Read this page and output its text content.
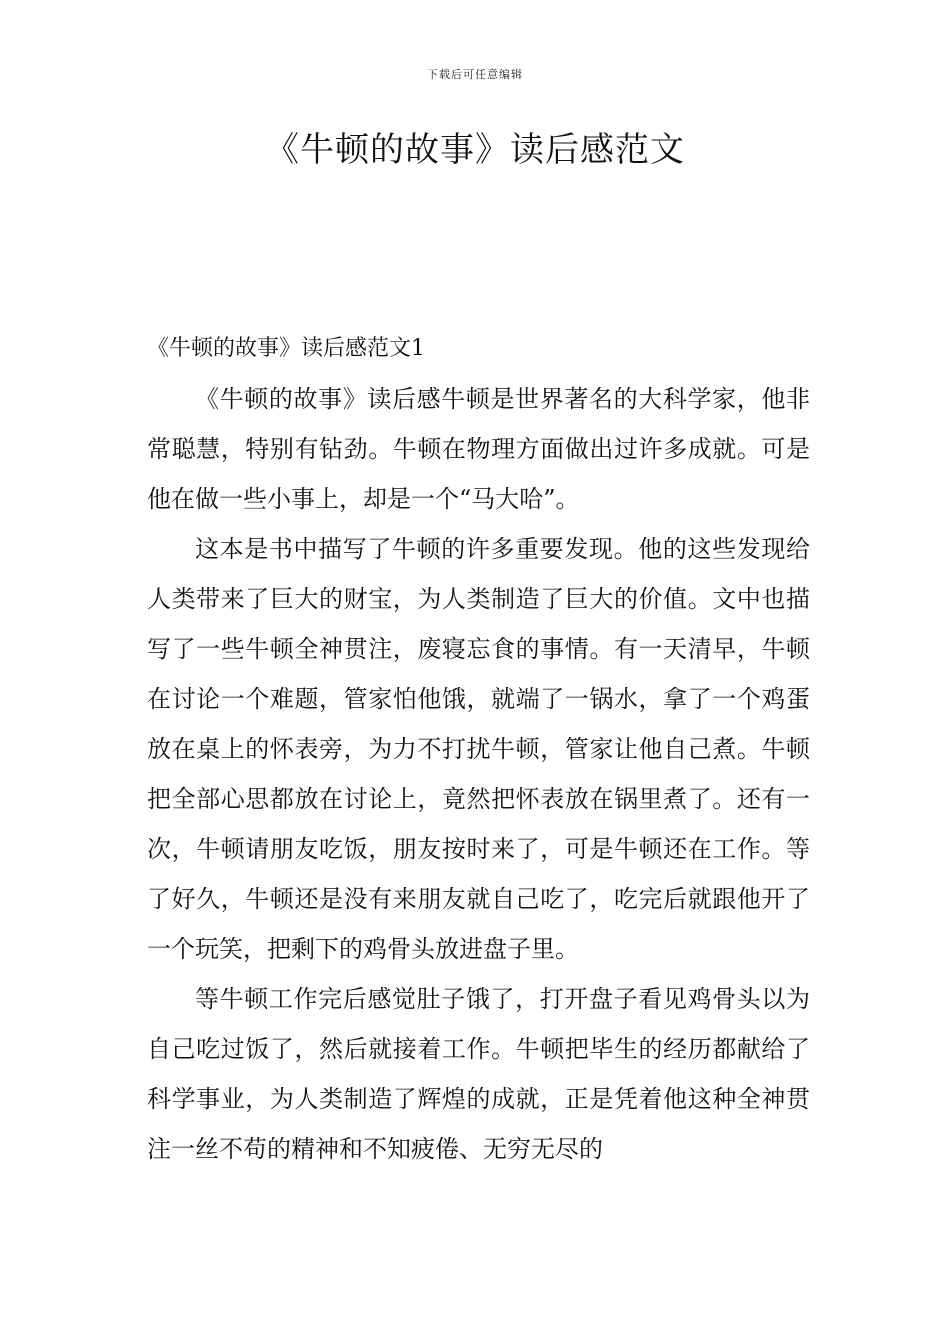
下载后可任意编辑
《牛顿的故事》读后感范文
《牛顿的故事》读后感范文1

《牛顿的故事》读后感牛顿是世界著名的大科学家，他非常聪慧，特别有钻劲。牛顿在物理方面做出过许多成就。可是他在做一些小事上，却是一个“马大哈”。

这本是书中描写了牛顿的许多重要发现。他的这些发现给人类带来了巨大的财宝，为人类制造了巨大的价值。文中也描写了一些牛顿全神贯注，废寝忘食的事情。有一天清早，牛顿在讨论一个难题，管家怕他饿，就端了一锅水，拿了一个鸡蛋放在桌上的怀表旁，为力不打扰牛顿，管家让他自己煮。牛顿把全部心思都放在讨论上，竟然把怀表放在锅里煮了。还有一次，牛顿请朋友吃饭，朋友按时来了，可是牛顿还在工作。等了好久，牛顿还是没有来朋友就自己吃了，吃完后就跟他开了一个玩笑，把剩下的鸡骨头放进盘子里。

等牛顿工作完后感觉肚子饿了，打开盘子看见鸡骨头以为自己吃过饭了，然后就接着工作。牛顿把毕生的经历都献给了科学事业，为人类制造了辉煌的成就，正是凭着他这种全神贯注一丝不苟的精神和不知疲倦、无穷无尽的
